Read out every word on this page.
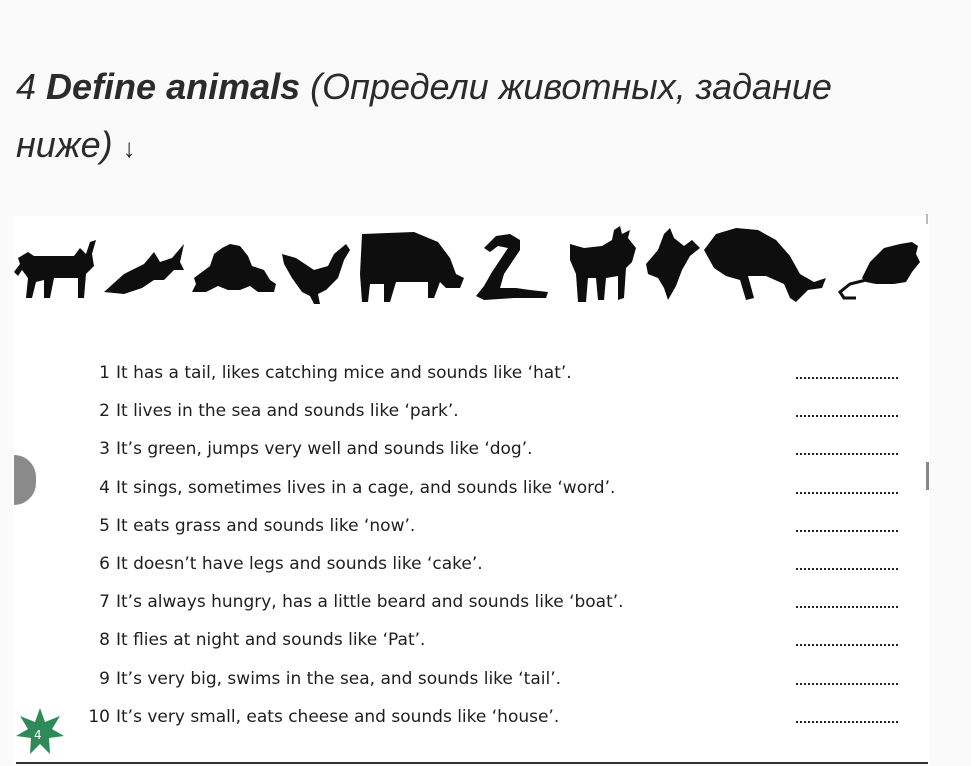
4 Define animals (Определи животных, задание ниже) ↓
1 It has a tail, likes catching mice and sounds like ‘hat’.
2 It lives in the sea and sounds like ‘park’.
3 It’s green, jumps very well and sounds like ‘dog’.
4 It sings, sometimes lives in a cage, and sounds like ‘word’.
5 It eats grass and sounds like ‘now’.
6 It doesn’t have legs and sounds like ‘cake’.
7 It’s always hungry, has a little beard and sounds like ‘boat’.
8 It flies at night and sounds like ‘Pat’.
9 It’s very big, swims in the sea, and sounds like ‘tail’.
10 It’s very small, eats cheese and sounds like ‘house’.
4
